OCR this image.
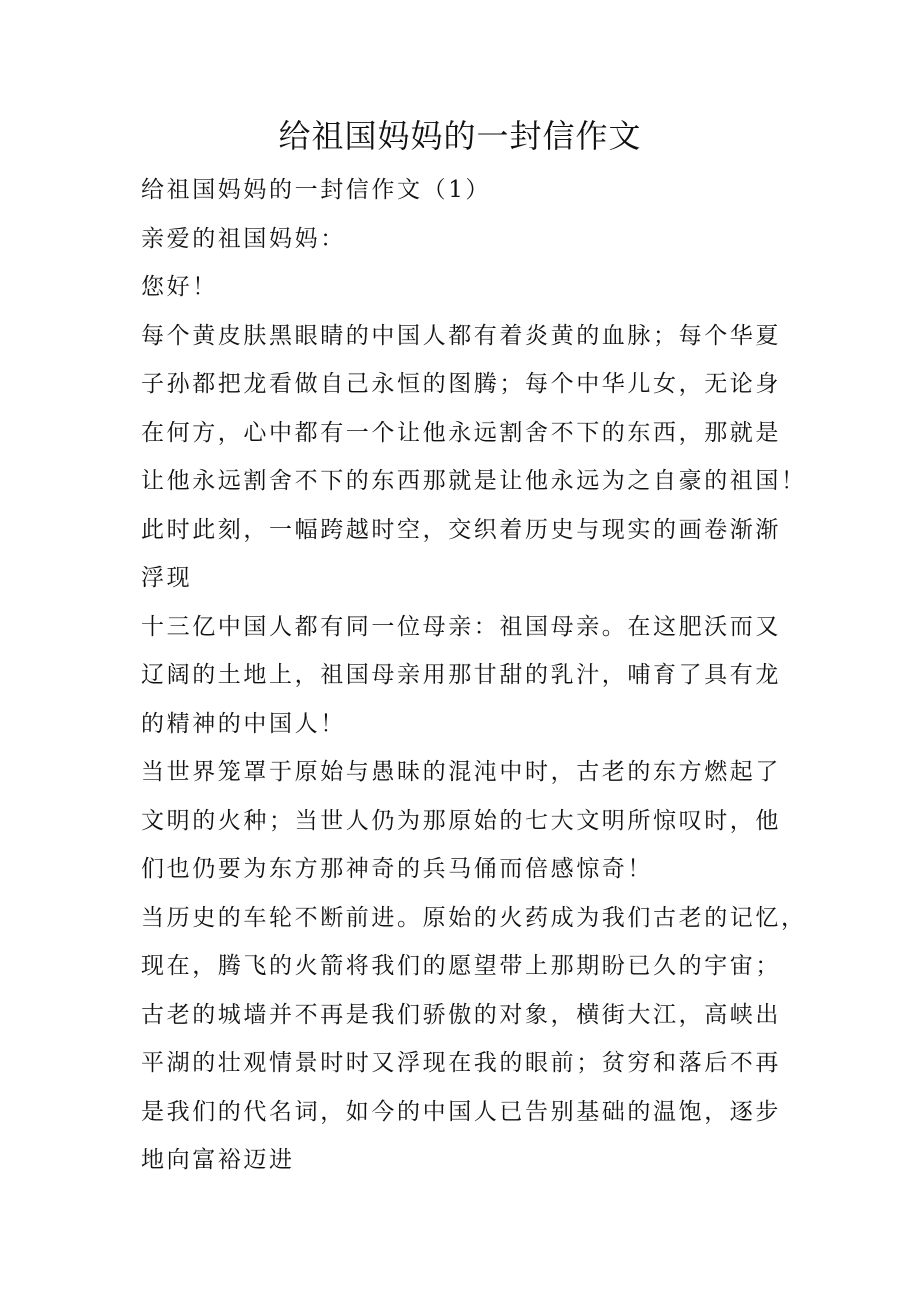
给祖国妈妈的一封信作文
给祖国妈妈的一封信作文（1）
亲爱的祖国妈妈：
您好！
每个黄皮肤黑眼睛的中国人都有着炎黄的血脉；每个华夏
子孙都把龙看做自己永恒的图腾；每个中华儿女，无论身
在何方，心中都有一个让他永远割舍不下的东西，那就是
让他永远割舍不下的东西那就是让他永远为之自豪的祖国！
此时此刻，一幅跨越时空，交织着历史与现实的画卷渐渐
浮现
十三亿中国人都有同一位母亲：祖国母亲。在这肥沃而又
辽阔的土地上，祖国母亲用那甘甜的乳汁，哺育了具有龙
的精神的中国人！
当世界笼罩于原始与愚昧的混沌中时，古老的东方燃起了
文明的火种；当世人仍为那原始的七大文明所惊叹时，他
们也仍要为东方那神奇的兵马俑而倍感惊奇！
当历史的车轮不断前进。原始的火药成为我们古老的记忆，
现在，腾飞的火箭将我们的愿望带上那期盼已久的宇宙；
古老的城墙并不再是我们骄傲的对象，横街大江，高峡出
平湖的壮观情景时时又浮现在我的眼前；贫穷和落后不再
是我们的代名词，如今的中国人已告别基础的温饱，逐步
地向富裕迈进
